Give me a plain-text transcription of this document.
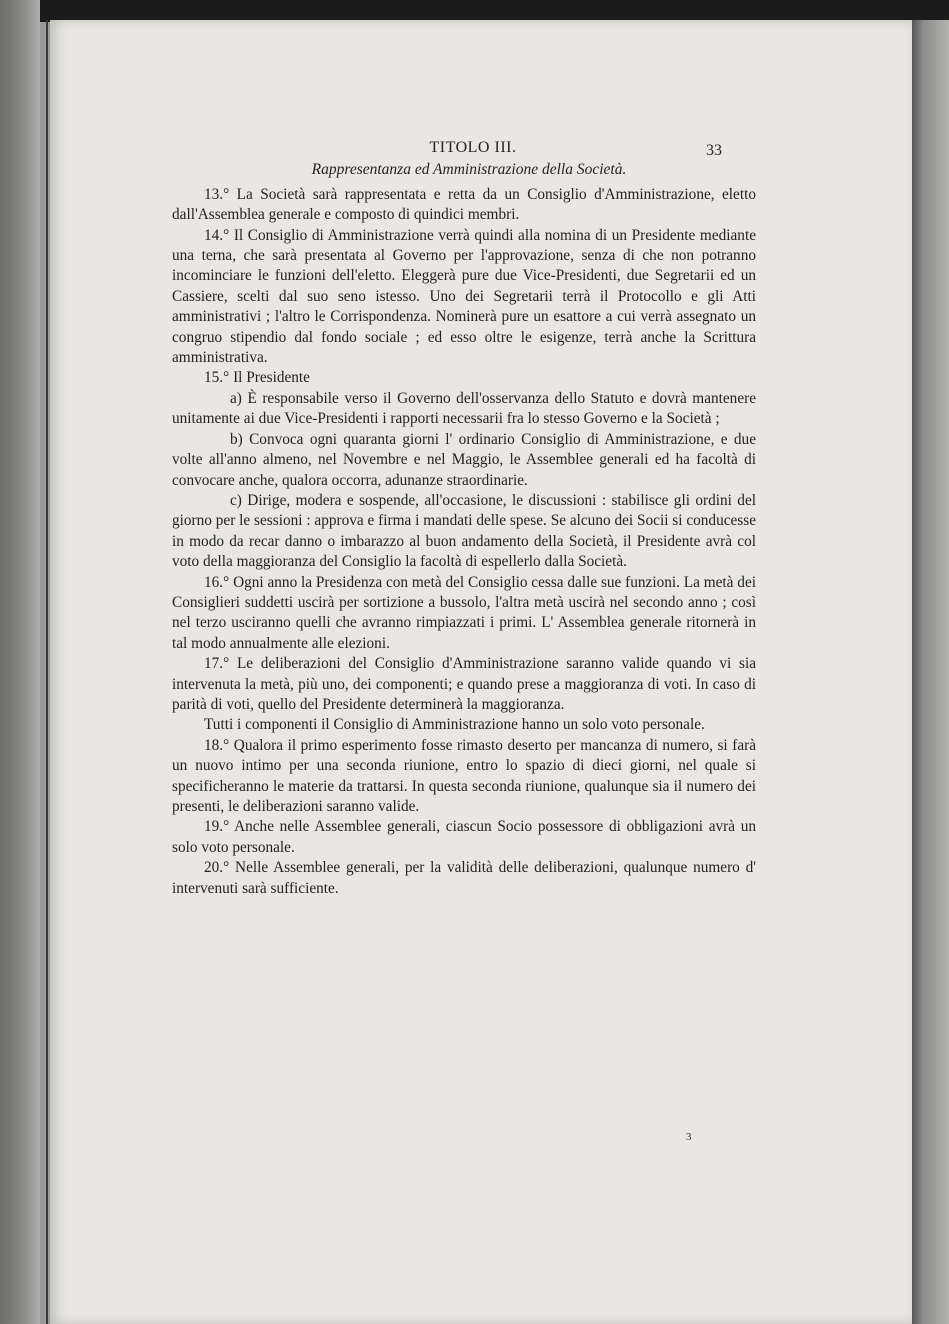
33
TITOLO III.
Rappresentanza ed Amministrazione della Società.

13.° La Società sarà rappresentata e retta da un Consiglio d'Amministrazione, eletto dall'Assemblea generale e composto di quindici membri.

14.° Il Consiglio di Amministrazione verrà quindi alla nomina di un Presidente mediante una terna, che sarà presentata al Governo per l'approvazione, senza di che non potranno incominciare le funzioni dell'eletto. Eleggerà pure due Vice-Presidenti, due Segretarii ed un Cassiere, scelti dal suo seno istesso. Uno dei Segretarii terrà il Protocollo e gli Atti amministrativi ; l'altro le Corrispondenza. Nominerà pure un esattore a cui verrà assegnato un congruo stipendio dal fondo sociale ; ed esso oltre le esigenze, terrà anche la Scrittura amministrativa.

15.° Il Presidente

a) È responsabile verso il Governo dell'osservanza dello Statuto e dovrà mantenere unitamente ai due Vice-Presidenti i rapporti necessarii fra lo stesso Governo e la Società ;

b) Convoca ogni quaranta giorni l' ordinario Consiglio di Amministrazione, e due volte all'anno almeno, nel Novembre e nel Maggio, le Assemblee generali ed ha facoltà di convocare anche, qualora occorra, adunanze straordinarie.

c) Dirige, modera e sospende, all'occasione, le discussioni : stabilisce gli ordini del giorno per le sessioni : approva e firma i mandati delle spese. Se alcuno dei Socii si conducesse in modo da recar danno o imbarazzo al buon andamento della Società, il Presidente avrà col voto della maggioranza del Consiglio la facoltà di espellerlo dalla Società.

16.° Ogni anno la Presidenza con metà del Consiglio cessa dalle sue funzioni. La metà dei Consiglieri suddetti uscirà per sortizione a bussolo, l'altra metà uscirà nel secondo anno ; così nel terzo usciranno quelli che avranno rimpiazzati i primi. L' Assemblea generale ritornerà in tal modo annualmente alle elezioni.

17.° Le deliberazioni del Consiglio d'Amministrazione saranno valide quando vi sia intervenuta la metà, più uno, dei componenti; e quando prese a maggioranza di voti. In caso di parità di voti, quello del Presidente determinerà la maggioranza.

Tutti i componenti il Consiglio di Amministrazione hanno un solo voto personale.

18.° Qualora il primo esperimento fosse rimasto deserto per mancanza di numero, si farà un nuovo intimo per una seconda riunione, entro lo spazio di dieci giorni, nel quale si specificheranno le materie da trattarsi. In questa seconda riunione, qualunque sia il numero dei presenti, le deliberazioni saranno valide.

19.° Anche nelle Assemblee generali, ciascun Socio possessore di obbligazioni avrà un solo voto personale.

20.° Nelle Assemblee generali, per la validità delle deliberazioni, qualunque numero d' intervenuti sarà sufficiente.

3
